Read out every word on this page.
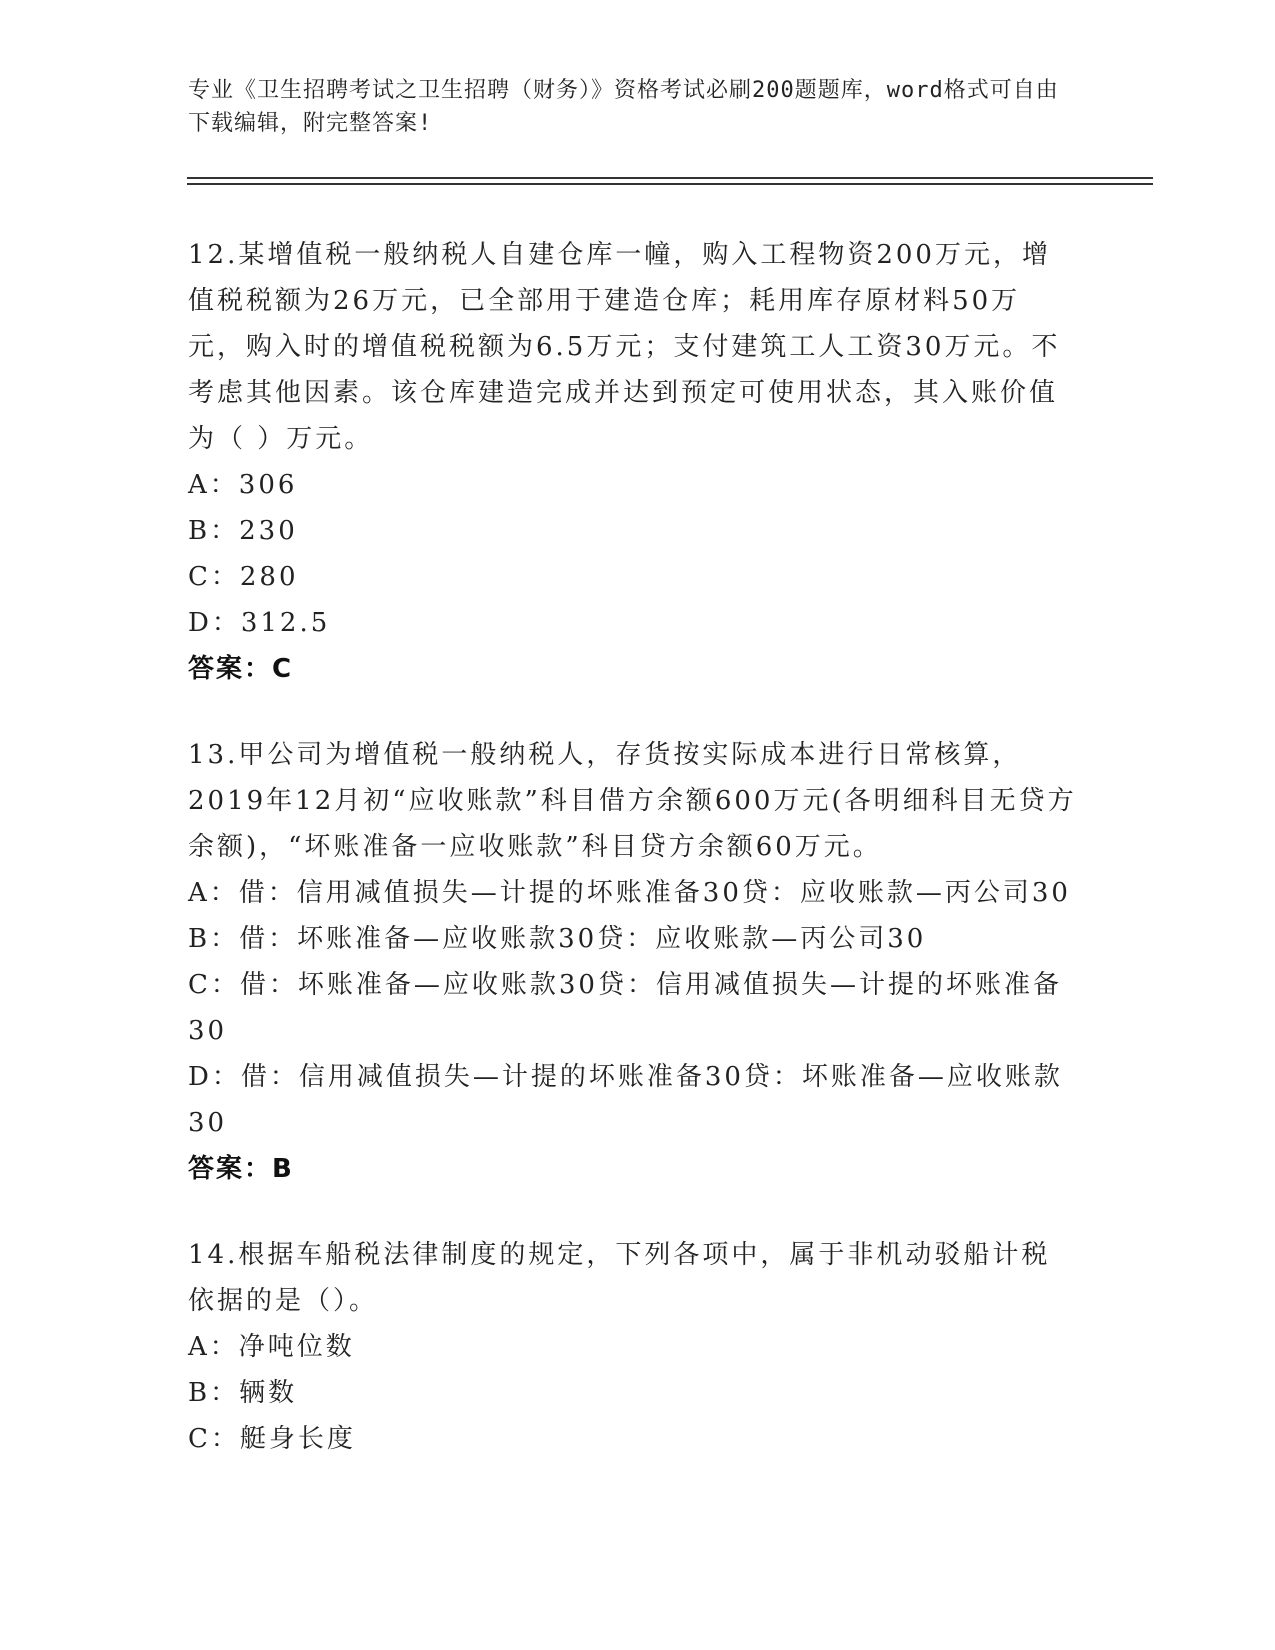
专业《卫生招聘考试之卫生招聘（财务）》资格考试必刷200题题库，word格式可自由下载编辑，附完整答案!

12.某增值税一般纳税人自建仓库一幢，购入工程物资200万元，增值税税额为26万元，已全部用于建造仓库；耗用库存原材料50万元，购入时的增值税税额为6.5万元；支付建筑工人工资30万元。不考虑其他因素。该仓库建造完成并达到预定可使用状态，其入账价值为（ ）万元。

A：306

B：230

C：280

D：312.5

答案：C

13.甲公司为增值税一般纳税人，存货按实际成本进行日常核算，2019年12月初“应收账款”科目借方余额600万元(各明细科目无贷方余额)，“坏账准备一应收账款”科目贷方余额60万元。

A：借：信用减值损失—计提的坏账准备30贷：应收账款—丙公司30

B：借：坏账准备—应收账款30贷：应收账款—丙公司30

C：借：坏账准备—应收账款30贷：信用减值损失—计提的坏账准备30

D：借：信用减值损失—计提的坏账准备30贷：坏账准备—应收账款30

答案：B

14.根据车船税法律制度的规定，下列各项中，属于非机动驳船计税依据的是（）。

A：净吨位数

B：辆数

C：艇身长度
